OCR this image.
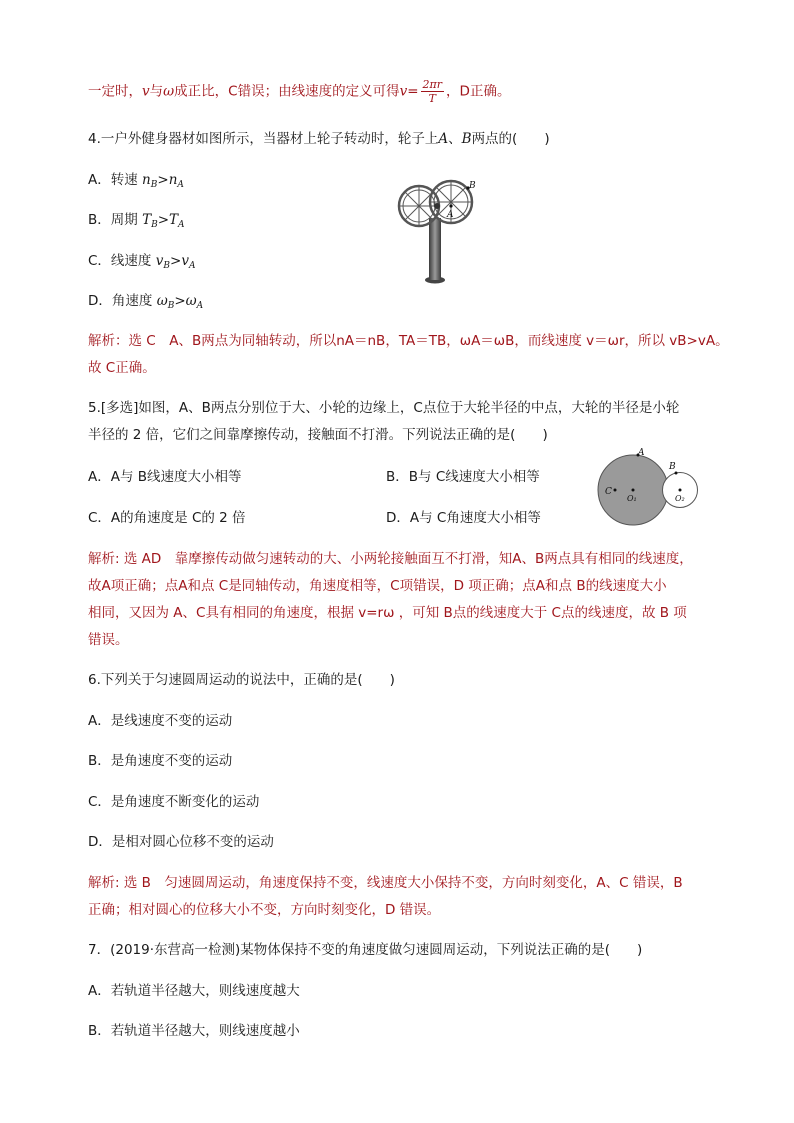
一定时，v与ω成正比，C错误；由线速度的定义可得$v= \frac{2\pi r}{T}$ ，D正确。
4.一户外健身器材如图所示，当器材上轮子转动时，轮子上A、B两点的(　　)
A．转速 $n_B>n_A$
B．周期 $T_B>T_A$
C．线速度 $v_B>v_A$
D．角速度 $\omega_B>\omega_A$
A
B
解析：选 C　A、B两点为同轴转动，所以nA＝nB，TA＝TB，ωA＝ωB，而线速度 v＝ωr，所以 vB>vA。
故 C正确。
5.[多选]如图，A、B两点分别位于大、小轮的边缘上，C点位于大轮半径的中点，大轮的半径是小轮
半径的 2 倍，它们之间靠摩擦传动，接触面不打滑。下列说法正确的是(　　)
A．A与 B线速度大小相等	B．B与 C线速度大小相等
C．A的角速度是 C的 2 倍	D．A与 C角速度大小相等
A
B
C
O₁	O₂
解析: 选 AD　靠摩擦传动做匀速转动的大、小两轮接触面互不打滑，知A、B两点具有相同的线速度，
故A项正确；点A和点 C是同轴传动，角速度相等，C项错误，D 项正确；点A和点 B的线速度大小
相同，又因为 A、C具有相同的角速度，根据 v=rω ，可知 B点的线速度大于 C点的线速度，故 B 项
错误。
6.下列关于匀速圆周运动的说法中，正确的是(　　)
A．是线速度不变的运动
B．是角速度不变的运动
C．是角速度不断变化的运动
D．是相对圆心位移不变的运动
解析: 选 B　匀速圆周运动，角速度保持不变，线速度大小保持不变，方向时刻变化，A、C 错误，B
正确；相对圆心的位移大小不变，方向时刻变化，D 错误。
7．(2019·东营高一检测)某物体保持不变的角速度做匀速圆周运动，下列说法正确的是(　　)
A．若轨道半径越大，则线速度越大
B．若轨道半径越大，则线速度越小
